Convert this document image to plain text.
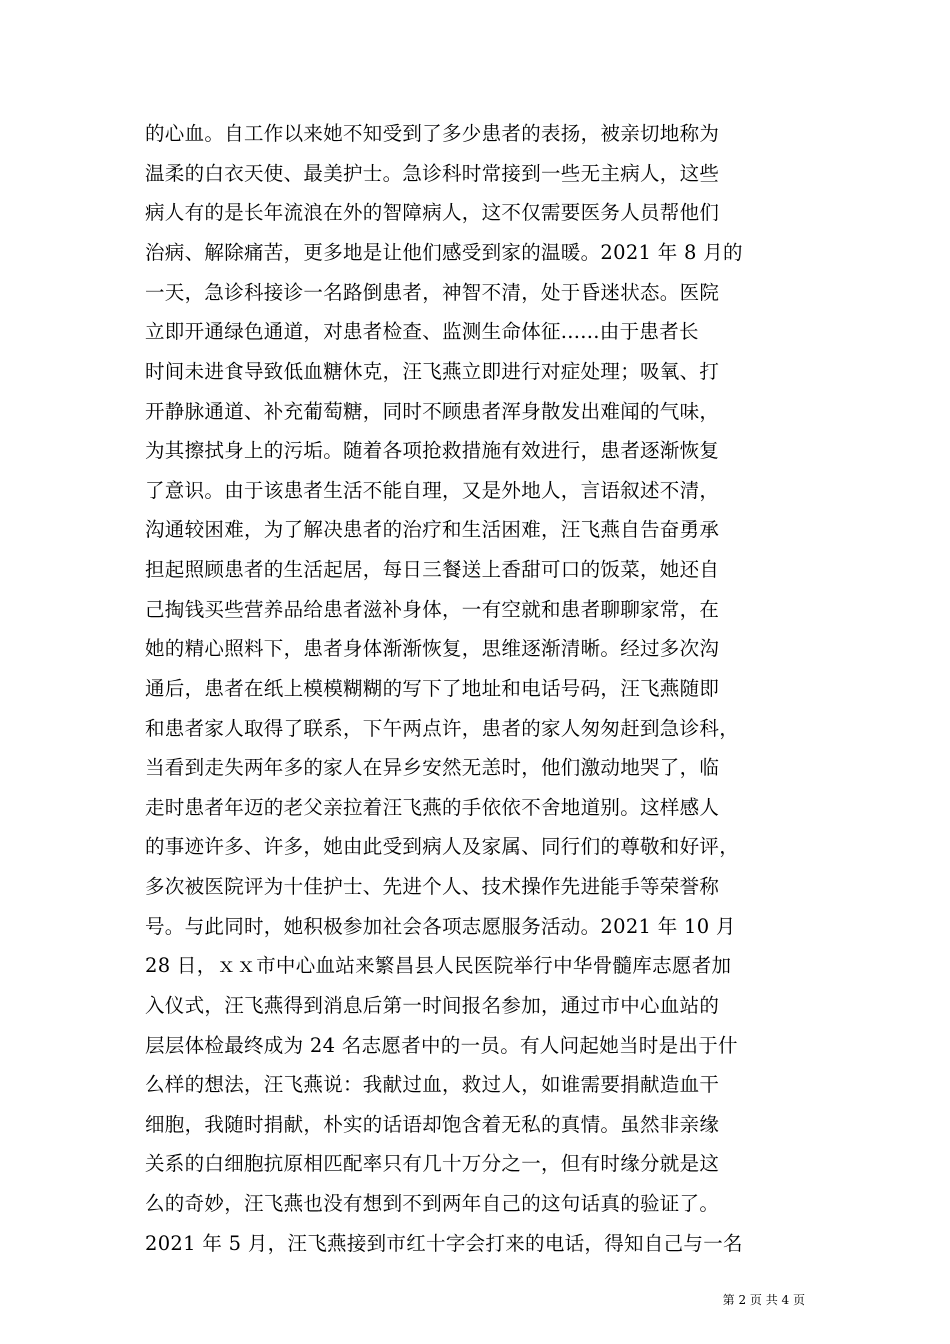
的心血。自工作以来她不知受到了多少患者的表扬，被亲切地称为
温柔的白衣天使、最美护士。急诊科时常接到一些无主病人，这些
病人有的是长年流浪在外的智障病人，这不仅需要医务人员帮他们
治病、解除痛苦，更多地是让他们感受到家的温暖。2021 年 8 月的
一天，急诊科接诊一名路倒患者，神智不清，处于昏迷状态。医院
立即开通绿色通道，对患者检查、监测生命体征......由于患者长
时间未进食导致低血糖休克，汪飞燕立即进行对症处理；吸氧、打
开静脉通道、补充葡萄糖，同时不顾患者浑身散发出难闻的气味，
为其擦拭身上的污垢。随着各项抢救措施有效进行，患者逐渐恢复
了意识。由于该患者生活不能自理，又是外地人，言语叙述不清，
沟通较困难，为了解决患者的治疗和生活困难，汪飞燕自告奋勇承
担起照顾患者的生活起居，每日三餐送上香甜可口的饭菜，她还自
己掏钱买些营养品给患者滋补身体，一有空就和患者聊聊家常，在
她的精心照料下，患者身体渐渐恢复，思维逐渐清晰。经过多次沟
通后，患者在纸上模模糊糊的写下了地址和电话号码，汪飞燕随即
和患者家人取得了联系，下午两点许，患者的家人匆匆赶到急诊科，
当看到走失两年多的家人在异乡安然无恙时，他们激动地哭了，临
走时患者年迈的老父亲拉着汪飞燕的手依依不舍地道别。这样感人
的事迹许多、许多，她由此受到病人及家属、同行们的尊敬和好评，
多次被医院评为十佳护士、先进个人、技术操作先进能手等荣誉称
号。与此同时，她积极参加社会各项志愿服务活动。2021 年 10 月
28 日，ｘｘ市中心血站来繁昌县人民医院举行中华骨髓库志愿者加
入仪式，汪飞燕得到消息后第一时间报名参加，通过市中心血站的
层层体检最终成为 24 名志愿者中的一员。有人问起她当时是出于什
么样的想法，汪飞燕说：我献过血，救过人，如谁需要捐献造血干
细胞，我随时捐献，朴实的话语却饱含着无私的真情。虽然非亲缘
关系的白细胞抗原相匹配率只有几十万分之一，但有时缘分就是这
么的奇妙，汪飞燕也没有想到不到两年自己的这句话真的验证了。
2021 年 5 月，汪飞燕接到市红十字会打来的电话，得知自己与一名
第 2 页 共 4 页
